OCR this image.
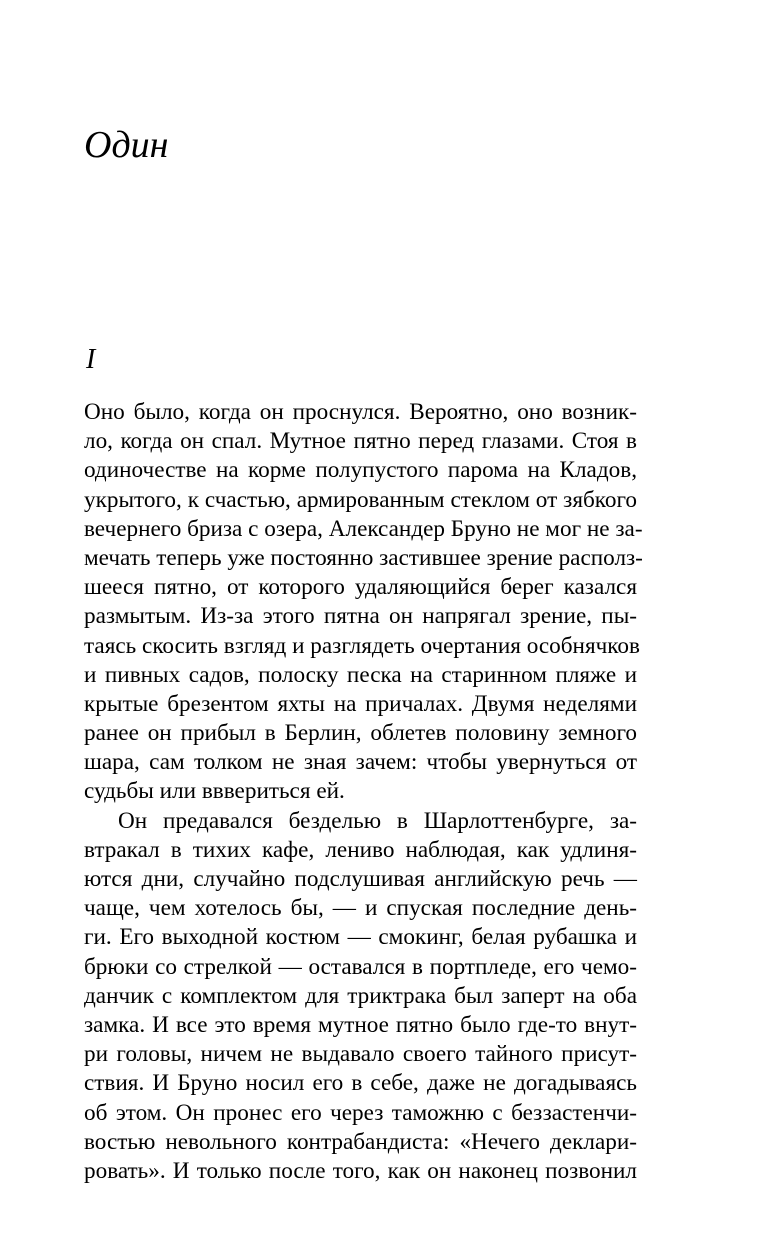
Один
I
Оно было, когда он проснулся. Вероятно, оно возник-
ло, когда он спал. Мутное пятно перед глазами. Стоя в
одиночестве на корме полупустого парома на Кладов,
укрытого, к счастью, армированным стеклом от зябкого
вечернего бриза с озера, Александер Бруно не мог не за-
мечать теперь уже постоянно застившее зрение располз-
шееся пятно, от которого удаляющийся берег казался
размытым. Из-за этого пятна он напрягал зрение, пы-
таясь скосить взгляд и разглядеть очертания особнячков
и пивных садов, полоску песка на старинном пляже и
крытые брезентом яхты на причалах. Двумя неделями
ранее он прибыл в Берлин, облетев половину земного
шара, сам толком не зная зачем: чтобы увернуться от
судьбы или вввериться ей.
Он предавался безделью в Шарлоттенбурге, за-
втракал в тихих кафе, лениво наблюдая, как удлиня-
ются дни, случайно подслушивая английскую речь —
чаще, чем хотелось бы, — и спуская последние день-
ги. Его выходной костюм — смокинг, белая рубашка и
брюки со стрелкой — оставался в портпледе, его чемо-
данчик с комплектом для триктрака был заперт на оба
замка. И все это время мутное пятно было где-то внут-
ри головы, ничем не выдавало своего тайного присут-
ствия. И Бруно носил его в себе, даже не догадываясь
об этом. Он пронес его через таможню с беззастенчи-
востью невольного контрабандиста: «Нечего деклари-
ровать». И только после того, как он наконец позвонил
